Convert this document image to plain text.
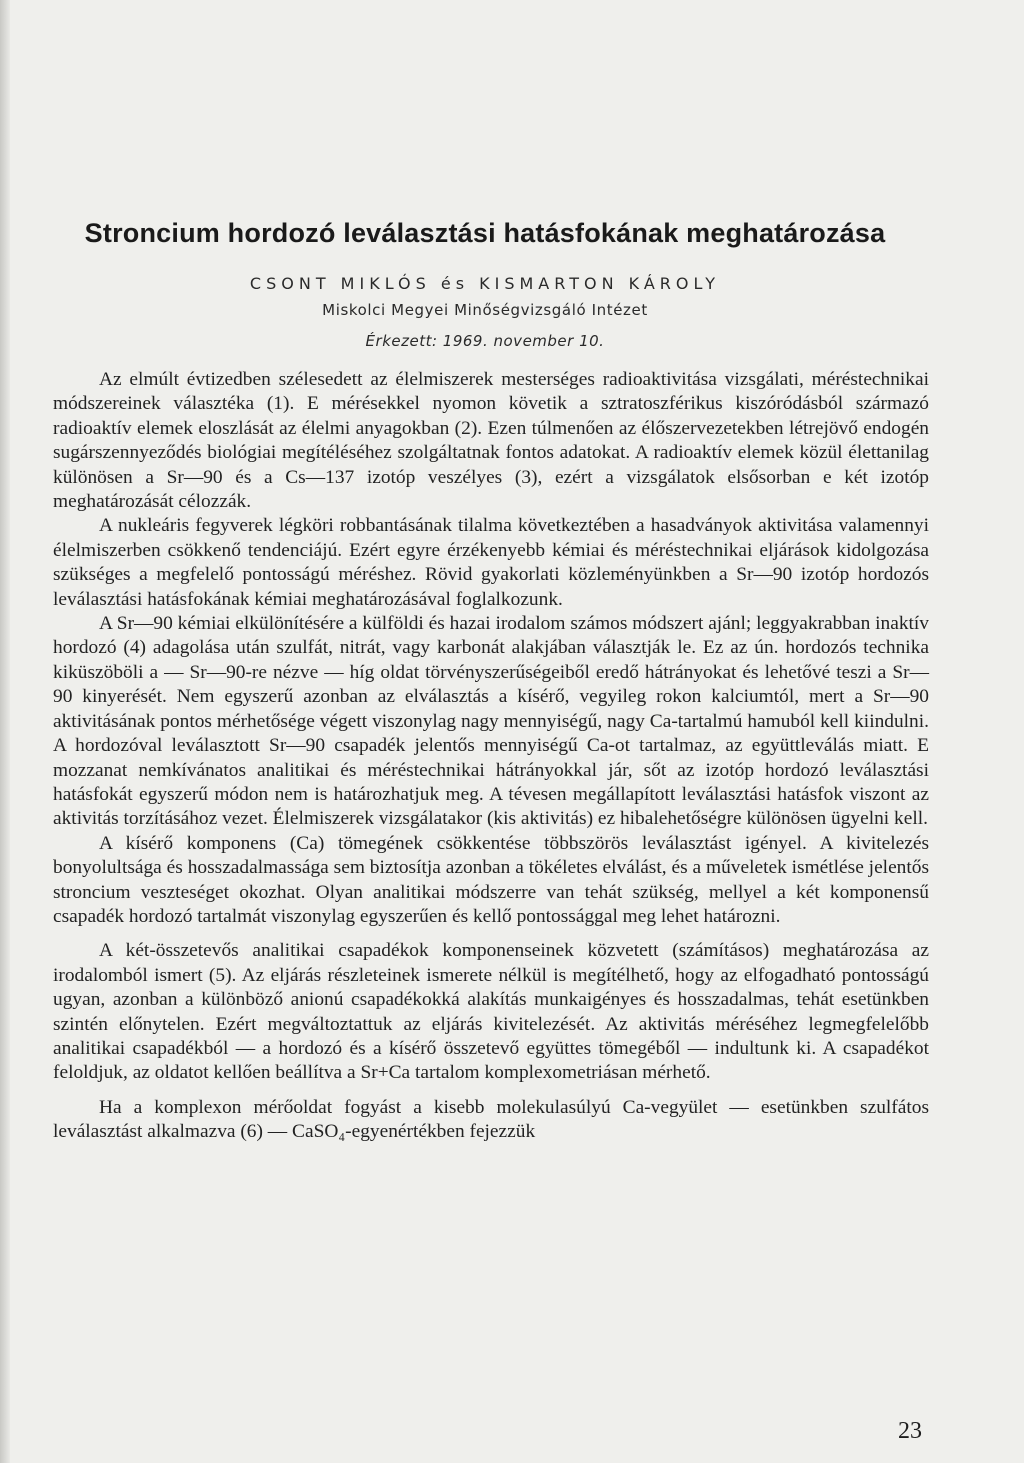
Stroncium hordozó leválasztási hatásfokának meghatározása
CSONT MIKLÓS és KISMARTON KÁROLY
Miskolci Megyei Minőségvizsgáló Intézet
Érkezett: 1969. november 10.

Az elmúlt évtizedben szélesedett az élelmiszerek mesterséges radioaktivitása vizsgálati, méréstechnikai módszereinek választéka (1). E mérésekkel nyomon követik a sztratoszférikus kiszóródásból származó radioaktív elemek eloszlását az élelmi anyagokban (2). Ezen túlmenően az élőszervezetekben létrejövő endogén sugárszennyeződés biológiai megítéléséhez szolgáltatnak fontos adatokat. A radioaktív elemek közül élettanilag különösen a Sr—90 és a Cs—137 izotóp veszélyes (3), ezért a vizsgálatok elsősorban e két izotóp meghatározását célozzák.

A nukleáris fegyverek légköri robbantásának tilalma következtében a hasadványok aktivitása valamennyi élelmiszerben csökkenő tendenciájú. Ezért egyre érzékenyebb kémiai és méréstechnikai eljárások kidolgozása szükséges a megfelelő pontosságú méréshez. Rövid gyakorlati közleményünkben a Sr—90 izotóp hordozós leválasztási hatásfokának kémiai meghatározásával foglalkozunk.

A Sr—90 kémiai elkülönítésére a külföldi és hazai irodalom számos módszert ajánl; leggyakrabban inaktív hordozó (4) adagolása után szulfát, nitrát, vagy karbonát alakjában választják le. Ez az ún. hordozós technika kiküszöböli a — Sr—90-re nézve — híg oldat törvényszerűségeiből eredő hátrányokat és lehetővé teszi a Sr—90 kinyerését. Nem egyszerű azonban az elválasztás a kísérő, vegyileg rokon kalciumtól, mert a Sr—90 aktivitásának pontos mérhetősége végett viszonylag nagy mennyiségű, nagy Ca-tartalmú hamuból kell kiindulni. A hordozóval leválasztott Sr—90 csapadék jelentős mennyiségű Ca-ot tartalmaz, az együttleválás miatt. E mozzanat nemkívánatos analitikai és méréstechnikai hátrányokkal jár, sőt az izotóp hordozó leválasztási hatásfokát egyszerű módon nem is határozhatjuk meg. A tévesen megállapított leválasztási hatásfok viszont az aktivitás torzításához vezet. Élelmiszerek vizsgálatakor (kis aktivitás) ez hibalehetőségre különösen ügyelni kell.

A kísérő komponens (Ca) tömegének csökkentése többszörös leválasztást igényel. A kivitelezés bonyolultsága és hosszadalmassága sem biztosítja azonban a tökéletes elválást, és a műveletek ismétlése jelentős stroncium veszteséget okozhat. Olyan analitikai módszerre van tehát szükség, mellyel a két komponensű csapadék hordozó tartalmát viszonylag egyszerűen és kellő pontossággal meg lehet határozni.

A két-összetevős analitikai csapadékok komponenseinek közvetett (számításos) meghatározása az irodalomból ismert (5). Az eljárás részleteinek ismerete nélkül is megítélhető, hogy az elfogadható pontosságú ugyan, azonban a különböző anionú csapadékokká alakítás munkaigényes és hosszadalmas, tehát esetünkben szintén előnytelen. Ezért megváltoztattuk az eljárás kivitelezését. Az aktivitás méréséhez legmegfelelőbb analitikai csapadékból — a hordozó és a kísérő összetevő együttes tömegéből — indultunk ki. A csapadékot feloldjuk, az oldatot kellően beállítva a Sr+Ca tartalom komplexometriásan mérhető.

Ha a komplexon mérőoldat fogyást a kisebb molekulasúlyú Ca-vegyület — esetünkben szulfátos leválasztást alkalmazva (6) — CaSO₄-egyenértékben fejezzük

23
